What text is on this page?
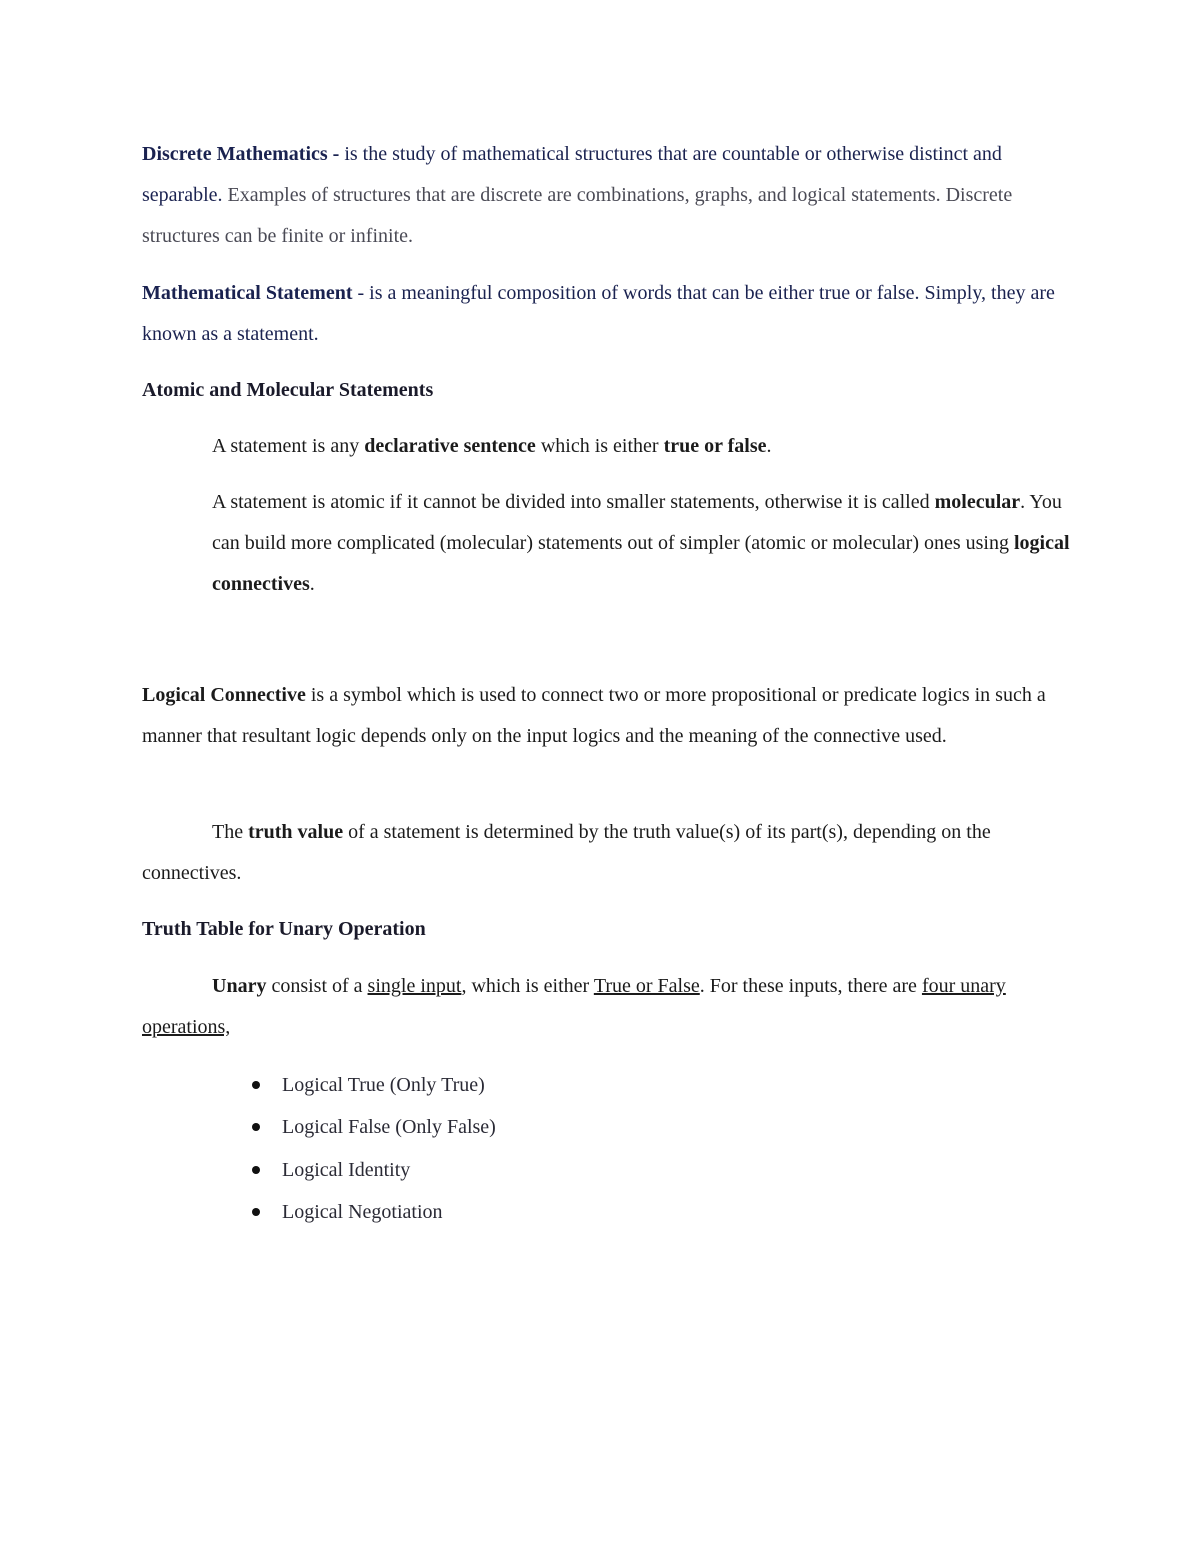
Discrete Mathematics - is the study of mathematical structures that are countable or otherwise distinct and separable. Examples of structures that are discrete are combinations, graphs, and logical statements. Discrete structures can be finite or infinite.

Mathematical Statement - is a meaningful composition of words that can be either true or false. Simply, they are known as a statement.

Atomic and Molecular Statements

A statement is any declarative sentence which is either true or false.

A statement is atomic if it cannot be divided into smaller statements, otherwise it is called molecular. You can build more complicated (molecular) statements out of simpler (atomic or molecular) ones using logical connectives.

Logical Connective is a symbol which is used to connect two or more propositional or predicate logics in such a manner that resultant logic depends only on the input logics and the meaning of the connective used.

The truth value of a statement is determined by the truth value(s) of its part(s), depending on the connectives.

Truth Table for Unary Operation

Unary consist of a single input, which is either True or False. For these inputs, there are four unary operations,

Logical True (Only True)
Logical False (Only False)
Logical Identity
Logical Negotiation
